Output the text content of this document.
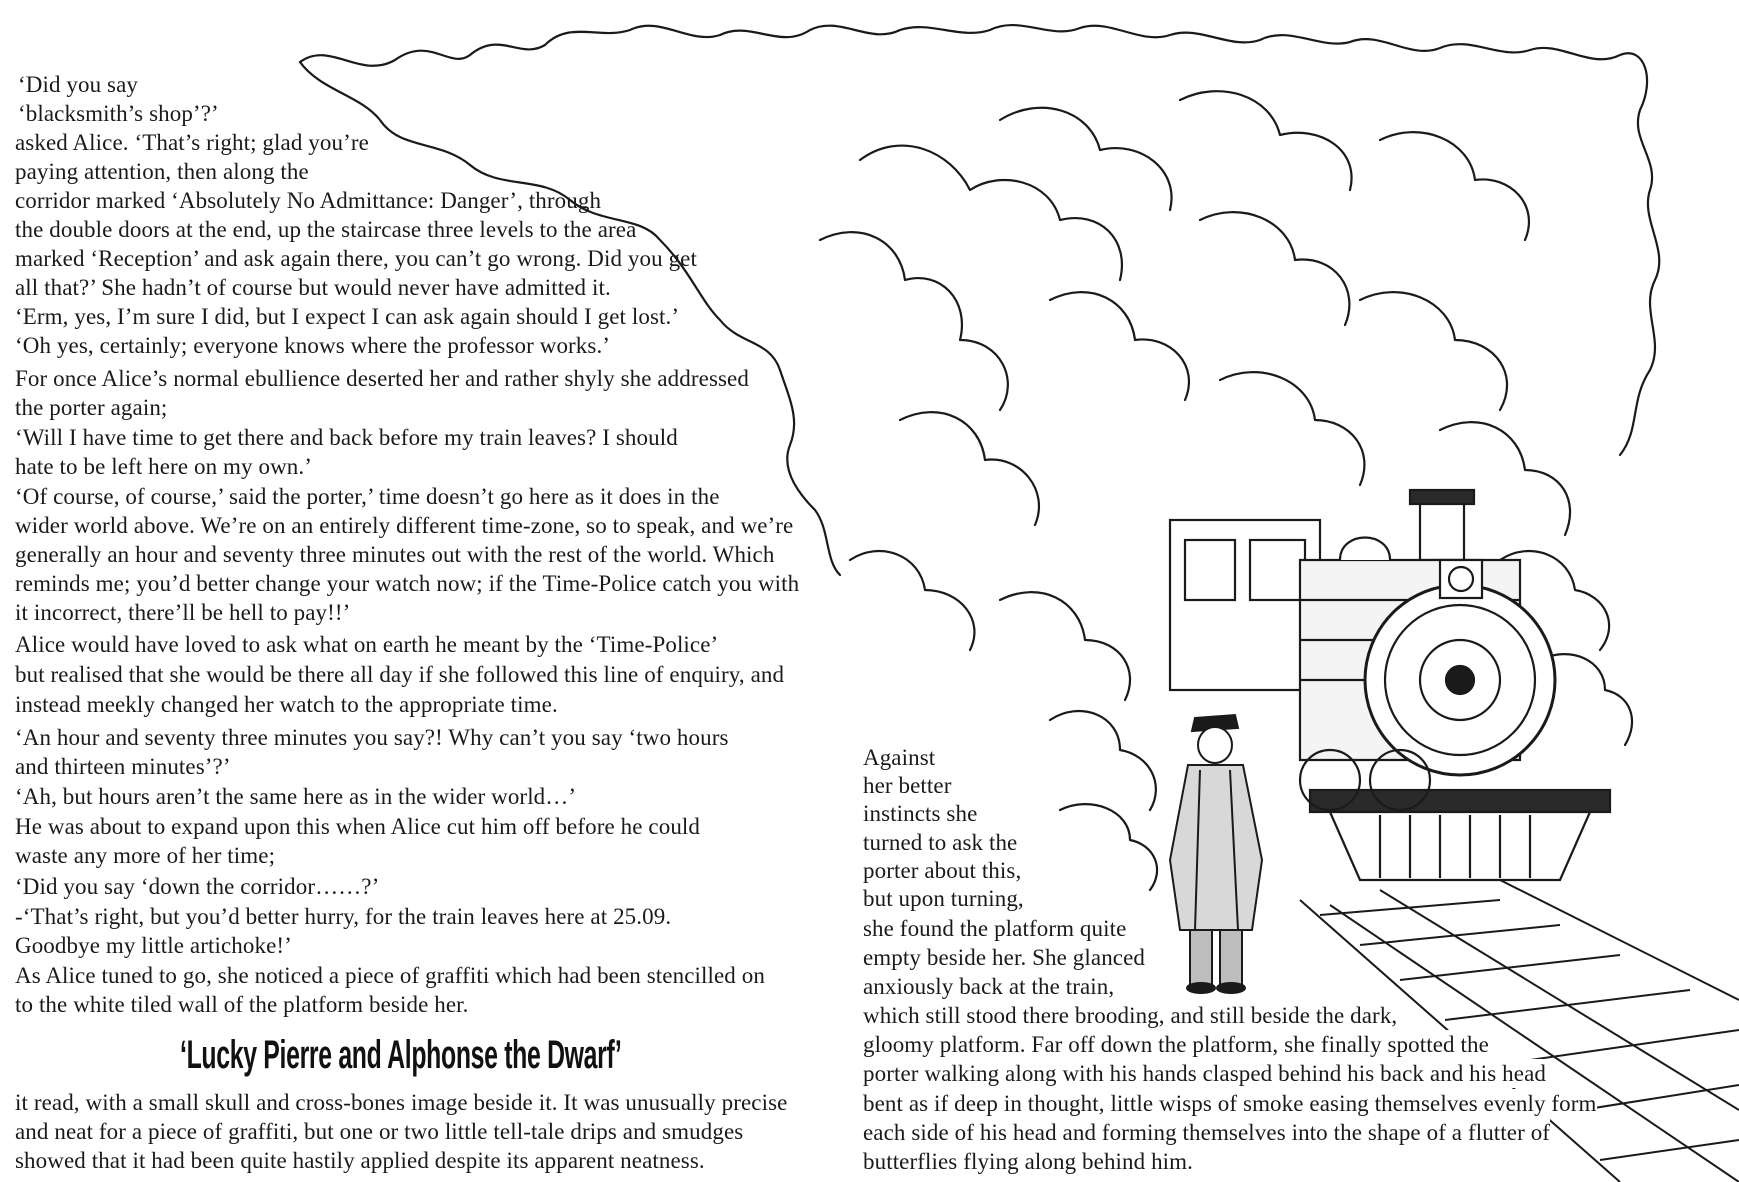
‘Did you say
‘blacksmith’s shop’?’
asked Alice. ‘That’s right; glad you’re
paying attention, then along the
corridor marked ‘Absolutely No Admittance: Danger’, through
the double doors at the end, up the staircase three levels to the area
marked ‘Reception’ and ask again there, you can’t go wrong. Did you get
all that?’ She hadn’t of course but would never have admitted it.
‘Erm, yes, I’m sure I did, but I expect I can ask again should I get lost.’
‘Oh yes, certainly; everyone knows where the professor works.’
For once Alice’s normal ebullience deserted her and rather shyly she addressed
the porter again;
‘Will I have time to get there and back before my train leaves? I should
hate to be left here on my own.’
‘Of course, of course,’ said the porter,’ time doesn’t go here as it does in the
wider world above. We’re on an entirely different time-zone, so to speak, and we’re
generally an hour and seventy three minutes out with the rest of the world. Which
reminds me; you’d better change your watch now; if the Time-Police catch you with
it incorrect, there’ll be hell to pay!!’
Alice would have loved to ask what on earth he meant by the ‘Time-Police’
but realised that she would be there all day if she followed this line of enquiry, and
instead meekly changed her watch to the appropriate time.
‘An hour and seventy three minutes you say?! Why can’t you say ‘two hours
and thirteen minutes’?’
‘Ah, but hours aren’t the same here as in the wider world…’
He was about to expand upon this when Alice cut him off before he could
waste any more of her time;
‘Did you say ‘down the corridor……?’
-‘That’s right, but you’d better hurry, for the train leaves here at 25.09.
Goodbye my little artichoke!’
As Alice tuned to go, she noticed a piece of graffiti which had been stencilled on
to the white tiled wall of the platform beside her.
‘Lucky Pierre and Alphonse the Dwarf’
it read, with a small skull and cross-bones image beside it. It was unusually precise
and neat for a piece of graffiti, but one or two little tell-tale drips and smudges
showed that it had been quite hastily applied despite its apparent neatness.
Against
her better
instincts she
turned to ask the
porter about this,
but upon turning,
she found the platform quite
empty beside her. She glanced
anxiously back at the train,
which still stood there brooding, and still beside the dark,
gloomy platform. Far off down the platform, she finally spotted the
porter walking along with his hands clasped behind his back and his head
bent as if deep in thought, little wisps of smoke easing themselves evenly form
each side of his head and forming themselves into the shape of a flutter of
butterflies flying along behind him.
